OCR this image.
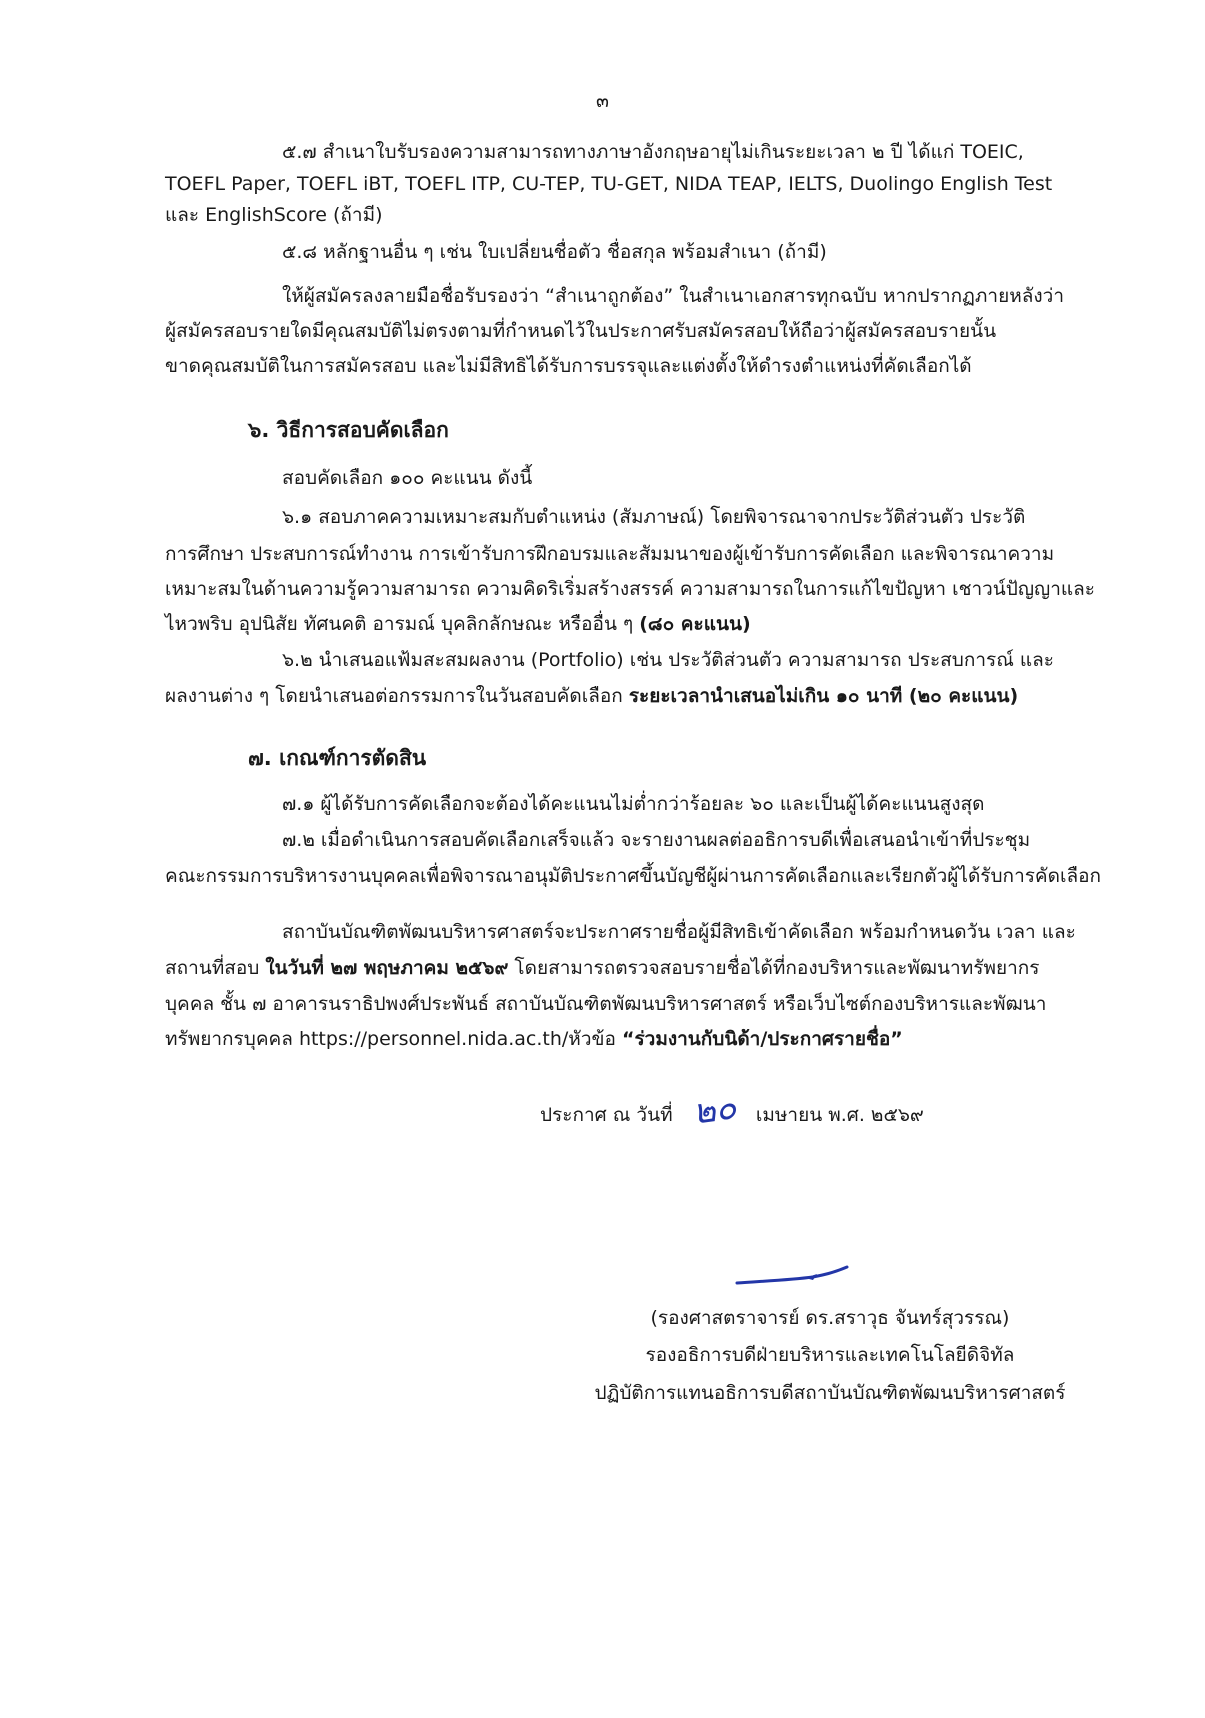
๓
๕.๗ สำเนาใบรับรองความสามารถทางภาษาอังกฤษอายุไม่เกินระยะเวลา ๒ ปี ได้แก่ TOEIC,
TOEFL Paper, TOEFL iBT, TOEFL ITP, CU-TEP, TU-GET, NIDA TEAP, IELTS, Duolingo English Test
และ EnglishScore (ถ้ามี)
๕.๘ หลักฐานอื่น ๆ เช่น ใบเปลี่ยนชื่อตัว ชื่อสกุล พร้อมสำเนา (ถ้ามี)
ให้ผู้สมัครลงลายมือชื่อรับรองว่า “สำเนาถูกต้อง” ในสำเนาเอกสารทุกฉบับ หากปรากฏภายหลังว่า
ผู้สมัครสอบรายใดมีคุณสมบัติไม่ตรงตามที่กำหนดไว้ในประกาศรับสมัครสอบให้ถือว่าผู้สมัครสอบรายนั้น
ขาดคุณสมบัติในการสมัครสอบ และไม่มีสิทธิได้รับการบรรจุและแต่งตั้งให้ดำรงตำแหน่งที่คัดเลือกได้
๖. วิธีการสอบคัดเลือก
สอบคัดเลือก ๑๐๐ คะแนน ดังนี้
๖.๑ สอบภาคความเหมาะสมกับตำแหน่ง (สัมภาษณ์) โดยพิจารณาจากประวัติส่วนตัว ประวัติ
การศึกษา ประสบการณ์ทำงาน การเข้ารับการฝึกอบรมและสัมมนาของผู้เข้ารับการคัดเลือก และพิจารณาความ
เหมาะสมในด้านความรู้ความสามารถ ความคิดริเริ่มสร้างสรรค์ ความสามารถในการแก้ไขปัญหา เชาวน์ปัญญาและ
ไหวพริบ อุปนิสัย ทัศนคติ อารมณ์ บุคลิกลักษณะ หรืออื่น ๆ (๘๐ คะแนน)
๖.๒ นำเสนอแฟ้มสะสมผลงาน (Portfolio) เช่น ประวัติส่วนตัว ความสามารถ ประสบการณ์ และ
ผลงานต่าง ๆ โดยนำเสนอต่อกรรมการในวันสอบคัดเลือก ระยะเวลานำเสนอไม่เกิน ๑๐ นาที (๒๐ คะแนน)
๗. เกณฑ์การตัดสิน
๗.๑ ผู้ได้รับการคัดเลือกจะต้องได้คะแนนไม่ต่ำกว่าร้อยละ ๖๐ และเป็นผู้ได้คะแนนสูงสุด
๗.๒ เมื่อดำเนินการสอบคัดเลือกเสร็จแล้ว จะรายงานผลต่ออธิการบดีเพื่อเสนอนำเข้าที่ประชุม
คณะกรรมการบริหารงานบุคคลเพื่อพิจารณาอนุมัติประกาศขึ้นบัญชีผู้ผ่านการคัดเลือกและเรียกตัวผู้ได้รับการคัดเลือก
สถาบันบัณฑิตพัฒนบริหารศาสตร์จะประกาศรายชื่อผู้มีสิทธิเข้าคัดเลือก พร้อมกำหนดวัน เวลา และ
สถานที่สอบ ในวันที่ ๒๗ พฤษภาคม ๒๕๖๙ โดยสามารถตรวจสอบรายชื่อได้ที่กองบริหารและพัฒนาทรัพยากร
บุคคล ชั้น ๗ อาคารนราธิปพงศ์ประพันธ์ สถาบันบัณฑิตพัฒนบริหารศาสตร์ หรือเว็บไซต์กองบริหารและพัฒนา
ทรัพยากรบุคคล https://personnel.nida.ac.th/หัวข้อ “ร่วมงานกับนิด้า/ประกาศรายชื่อ”
ประกาศ ณ วันที่ ๒๐ เมษายน พ.ศ. ๒๕๖๙
(รองศาสตราจารย์ ดร.สราวุธ จันทร์สุวรรณ)
รองอธิการบดีฝ่ายบริหารและเทคโนโลยีดิจิทัล
ปฏิบัติการแทนอธิการบดีสถาบันบัณฑิตพัฒนบริหารศาสตร์
